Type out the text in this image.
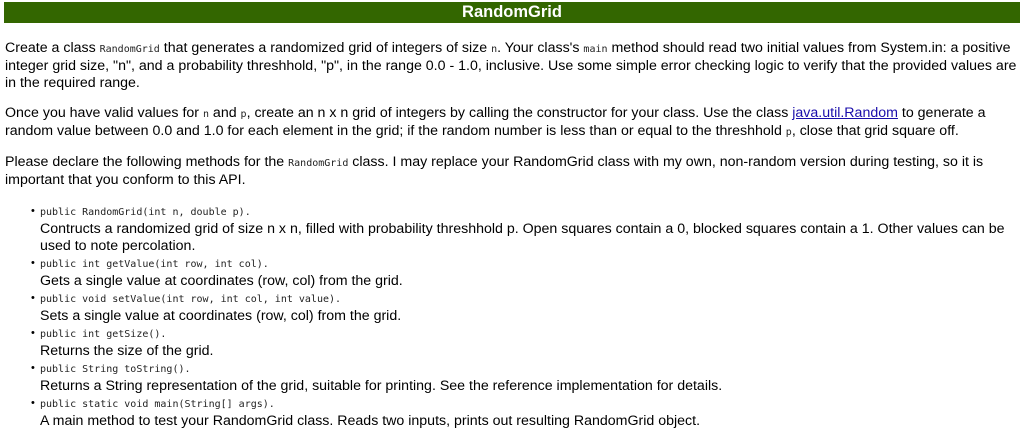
RandomGrid

Create a class RandomGrid that generates a randomized grid of integers of size n. Your class's main method should read two initial values from System.in: a positive integer grid size, "n", and a probability threshhold, "p", in the range 0.0 - 1.0, inclusive. Use some simple error checking logic to verify that the provided values are in the required range.

Once you have valid values for n and p, create an n x n grid of integers by calling the constructor for your class. Use the class java.util.Random to generate a random value between 0.0 and 1.0 for each element in the grid; if the random number is less than or equal to the threshhold p, close that grid square off.

Please declare the following methods for the RandomGrid class. I may replace your RandomGrid class with my own, non-random version during testing, so it is important that you conform to this API.

• public RandomGrid(int n, double p).
Contructs a randomized grid of size n x n, filled with probability threshhold p. Open squares contain a 0, blocked squares contain a 1. Other values can be used to note percolation.
• public int getValue(int row, int col).
Gets a single value at coordinates (row, col) from the grid.
• public void setValue(int row, int col, int value).
Sets a single value at coordinates (row, col) from the grid.
• public int getSize().
Returns the size of the grid.
• public String toString().
Returns a String representation of the grid, suitable for printing. See the reference implementation for details.
• public static void main(String[] args).
A main method to test your RandomGrid class. Reads two inputs, prints out resulting RandomGrid object.
